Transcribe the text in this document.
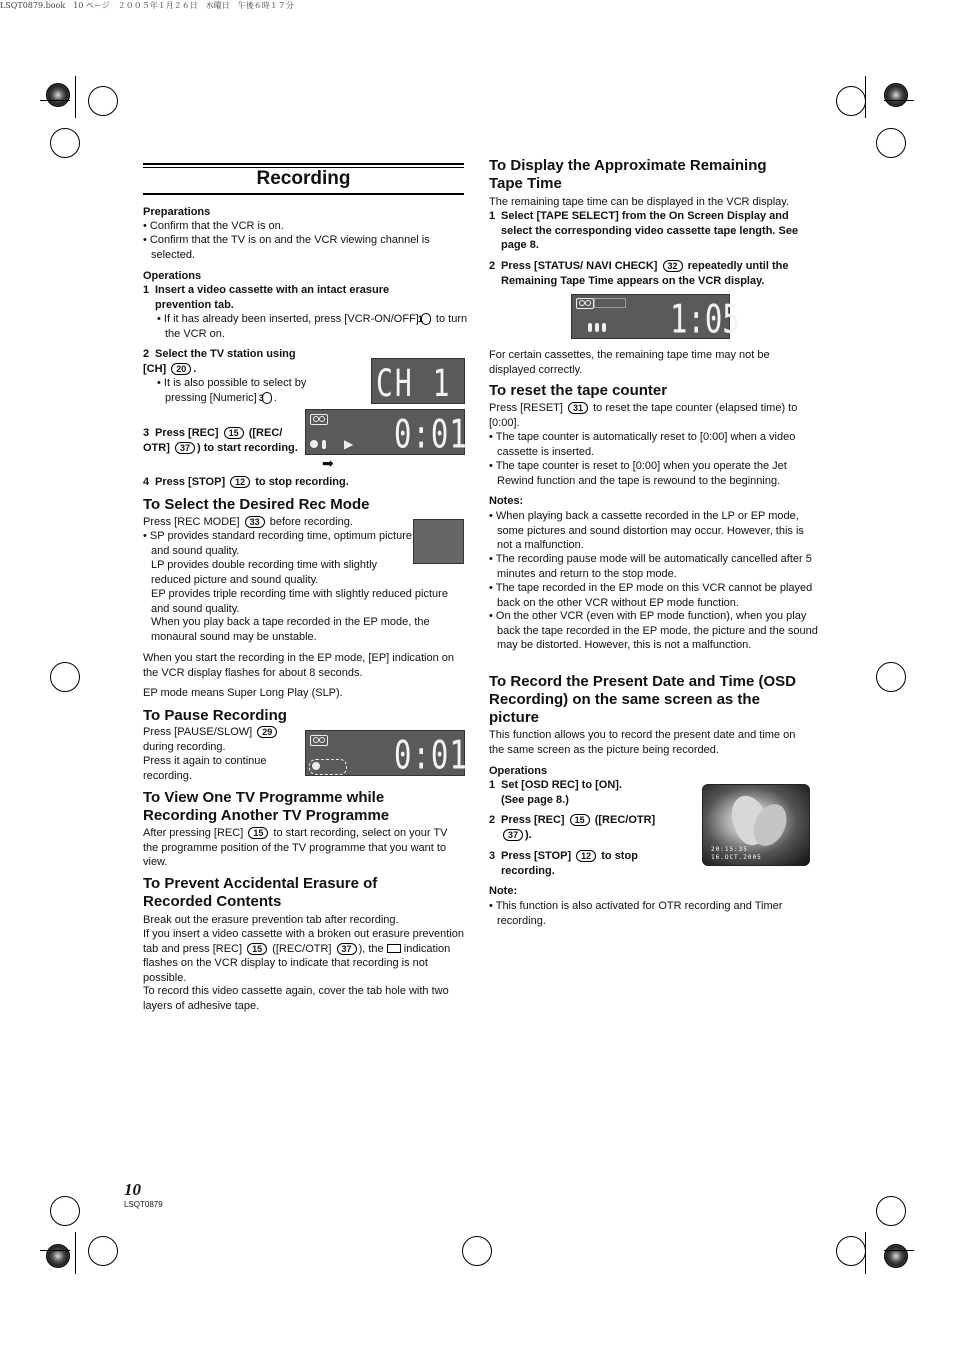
LSQT0879.book　10 ページ　２００５年１月２６日　水曜日　午後６時１７分
Recording
Preparations

• Confirm that the VCR is on.

• Confirm that the TV is on and the VCR viewing channel is selected.

Operations

1 Insert a video cassette with an intact erasure prevention tab.

• If it has already been inserted, press [VCR-ON/OFF]1 to turn the VCR on.

2 Select the TV station using [CH] 20 .

• It is also possible to select by pressing [Numeric] 3 .

3 Press [REC] 15 ([REC/ OTR] 37 ) to start recording.

4 Press [STOP] 12 to stop recording.

CH 1
▶ 0:01
➡
To Select the Desired Rec Mode

Press [REC MODE] 33 before recording.

• SP provides standard recording time, optimum picture and sound quality.

LP provides double recording time with slightly reduced picture and sound quality.

EP provides triple recording time with slightly reduced picture and sound quality.

When you play back a tape recorded in the EP mode, the monaural sound may be unstable.

When you start the recording in the EP mode, [EP] indication on the VCR display flashes for about 8 seconds.

EP mode means Super Long Play (SLP).

To Pause Recording

Press [PAUSE/SLOW] 29 during recording.

Press it again to continue recording.	0:01
To View One TV Programme while Recording Another TV Programme

After pressing [REC] 15 to start recording, select on your TV the programme position of the TV programme that you want to view.

To Prevent Accidental Erasure of Recorded Contents

Break out the erasure prevention tab after recording.

If you insert a video cassette with a broken out erasure prevention tab and press [REC] 15 ([REC/OTR] 37 ), the indication flashes on the VCR display to indicate that recording is not possible.

To record this video cassette again, cover the tab hole with two layers of adhesive tape.

To Display the Approximate Remaining Tape Time

The remaining tape time can be displayed in the VCR display.

1 Select [TAPE SELECT] from the On Screen Display and select the corresponding video cassette tape length. See page 8.

2 Press [STATUS/ NAVI CHECK] 32 repeatedly until the Remaining Tape Time appears on the VCR display.

1:05

For certain cassettes, the remaining tape time may not be displayed correctly.

To reset the tape counter

Press [RESET] 31 to reset the tape counter (elapsed time) to [0:00].

• The tape counter is automatically reset to [0:00] when a video cassette is inserted.

• The tape counter is reset to [0:00] when you operate the Jet Rewind function and the tape is rewound to the beginning.

Notes:

• When playing back a cassette recorded in the LP or EP mode, some pictures and sound distortion may occur. However, this is not a malfunction.

• The recording pause mode will be automatically cancelled after 5 minutes and return to the stop mode.

• The tape recorded in the EP mode on this VCR cannot be played back on the other VCR without EP mode function.

• On the other VCR (even with EP mode function), when you play back the tape recorded in the EP mode, the picture and the sound may be distorted. However, this is not a malfunction.

To Record the Present Date and Time (OSD Recording) on the same screen as the picture

This function allows you to record the present date and time on the same screen as the picture being recorded.

Operations

1 Set [OSD REC] to [ON]. (See page 8.)

2 Press [REC] 15 ([REC/OTR] 37 ).

3 Press [STOP] 12 to stop recording.

20:15:35
16.OCT.2005
Note:

• This function is also activated for OTR recording and Timer recording.

10
LSQT0879
